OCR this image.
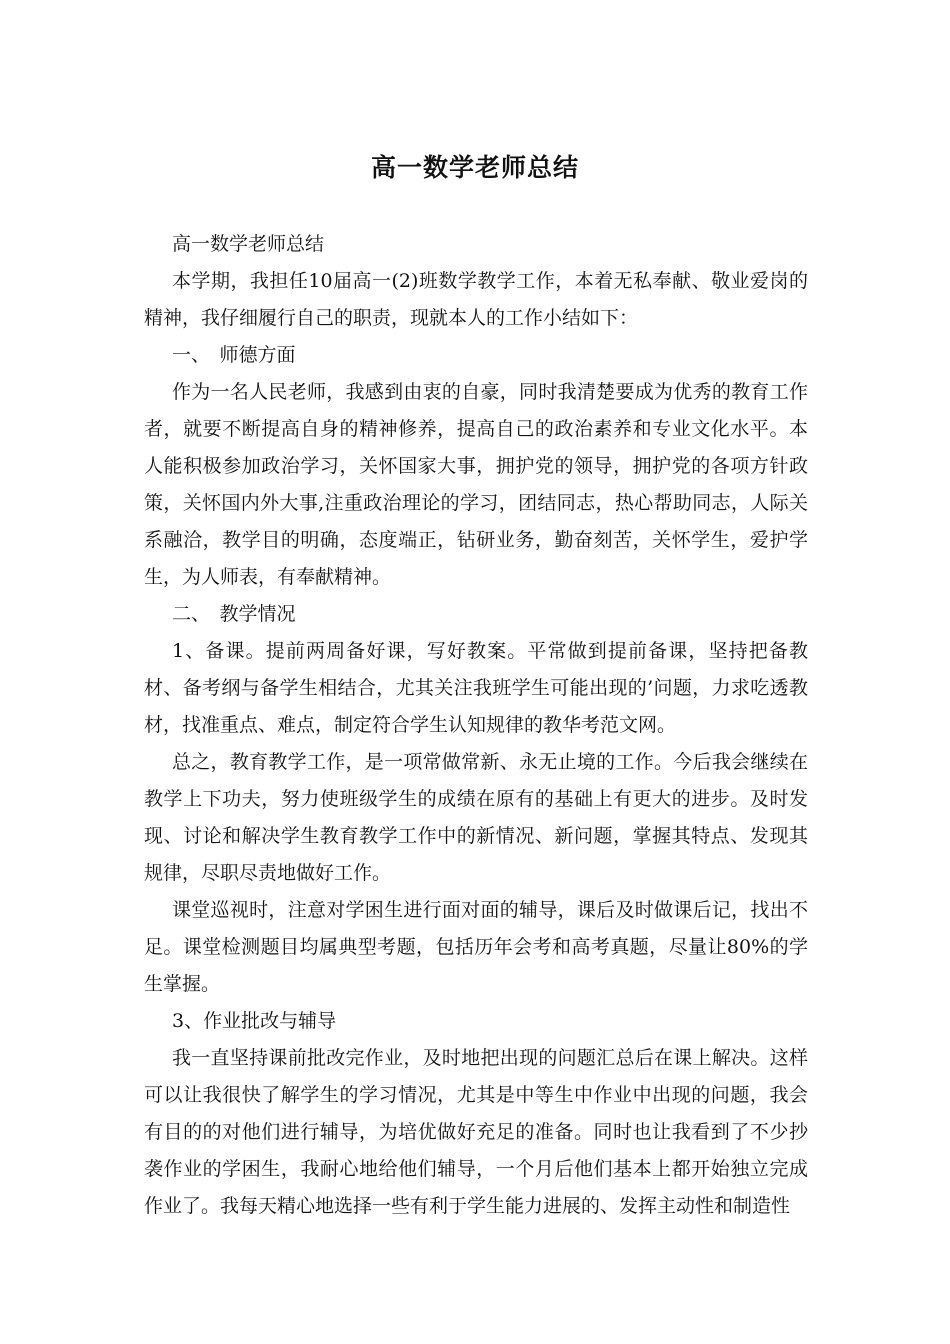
高一数学老师总结

高一数学老师总结

本学期，我担任10届高一(2)班数学教学工作，本着无私奉献、敬业爱岗的精神，我仔细履行自己的职责，现就本人的工作小结如下：

一、　师德方面

作为一名人民老师，我感到由衷的自豪，同时我清楚要成为优秀的教育工作者，就要不断提高自身的精神修养，提高自己的政治素养和专业文化水平。本人能积极参加政治学习，关怀国家大事，拥护党的领导，拥护党的各项方针政策，关怀国内外大事,注重政治理论的学习，团结同志，热心帮助同志，人际关系融洽，教学目的明确，态度端正，钻研业务，勤奋刻苦，关怀学生，爱护学生，为人师表，有奉献精神。

二、　教学情况

1、备课。提前两周备好课，写好教案。平常做到提前备课，坚持把备教材、备考纲与备学生相结合，尤其关注我班学生可能出现的’问题，力求吃透教材，找准重点、难点，制定符合学生认知规律的教华考范文网。

总之，教育教学工作，是一项常做常新、永无止境的工作。今后我会继续在教学上下功夫，努力使班级学生的成绩在原有的基础上有更大的进步。及时发现、讨论和解决学生教育教学工作中的新情况、新问题，掌握其特点、发现其规律，尽职尽责地做好工作。

课堂巡视时，注意对学困生进行面对面的辅导，课后及时做课后记，找出不足。课堂检测题目均属典型考题，包括历年会考和高考真题，尽量让80%的学生掌握。

3、作业批改与辅导

我一直坚持课前批改完作业，及时地把出现的问题汇总后在课上解决。这样可以让我很快了解学生的学习情况，尤其是中等生中作业中出现的问题，我会有目的的对他们进行辅导，为培优做好充足的准备。同时也让我看到了不少抄袭作业的学困生，我耐心地给他们辅导，一个月后他们基本上都开始独立完成作业了。我每天精心地选择一些有利于学生能力进展的、发挥主动性和制造性
